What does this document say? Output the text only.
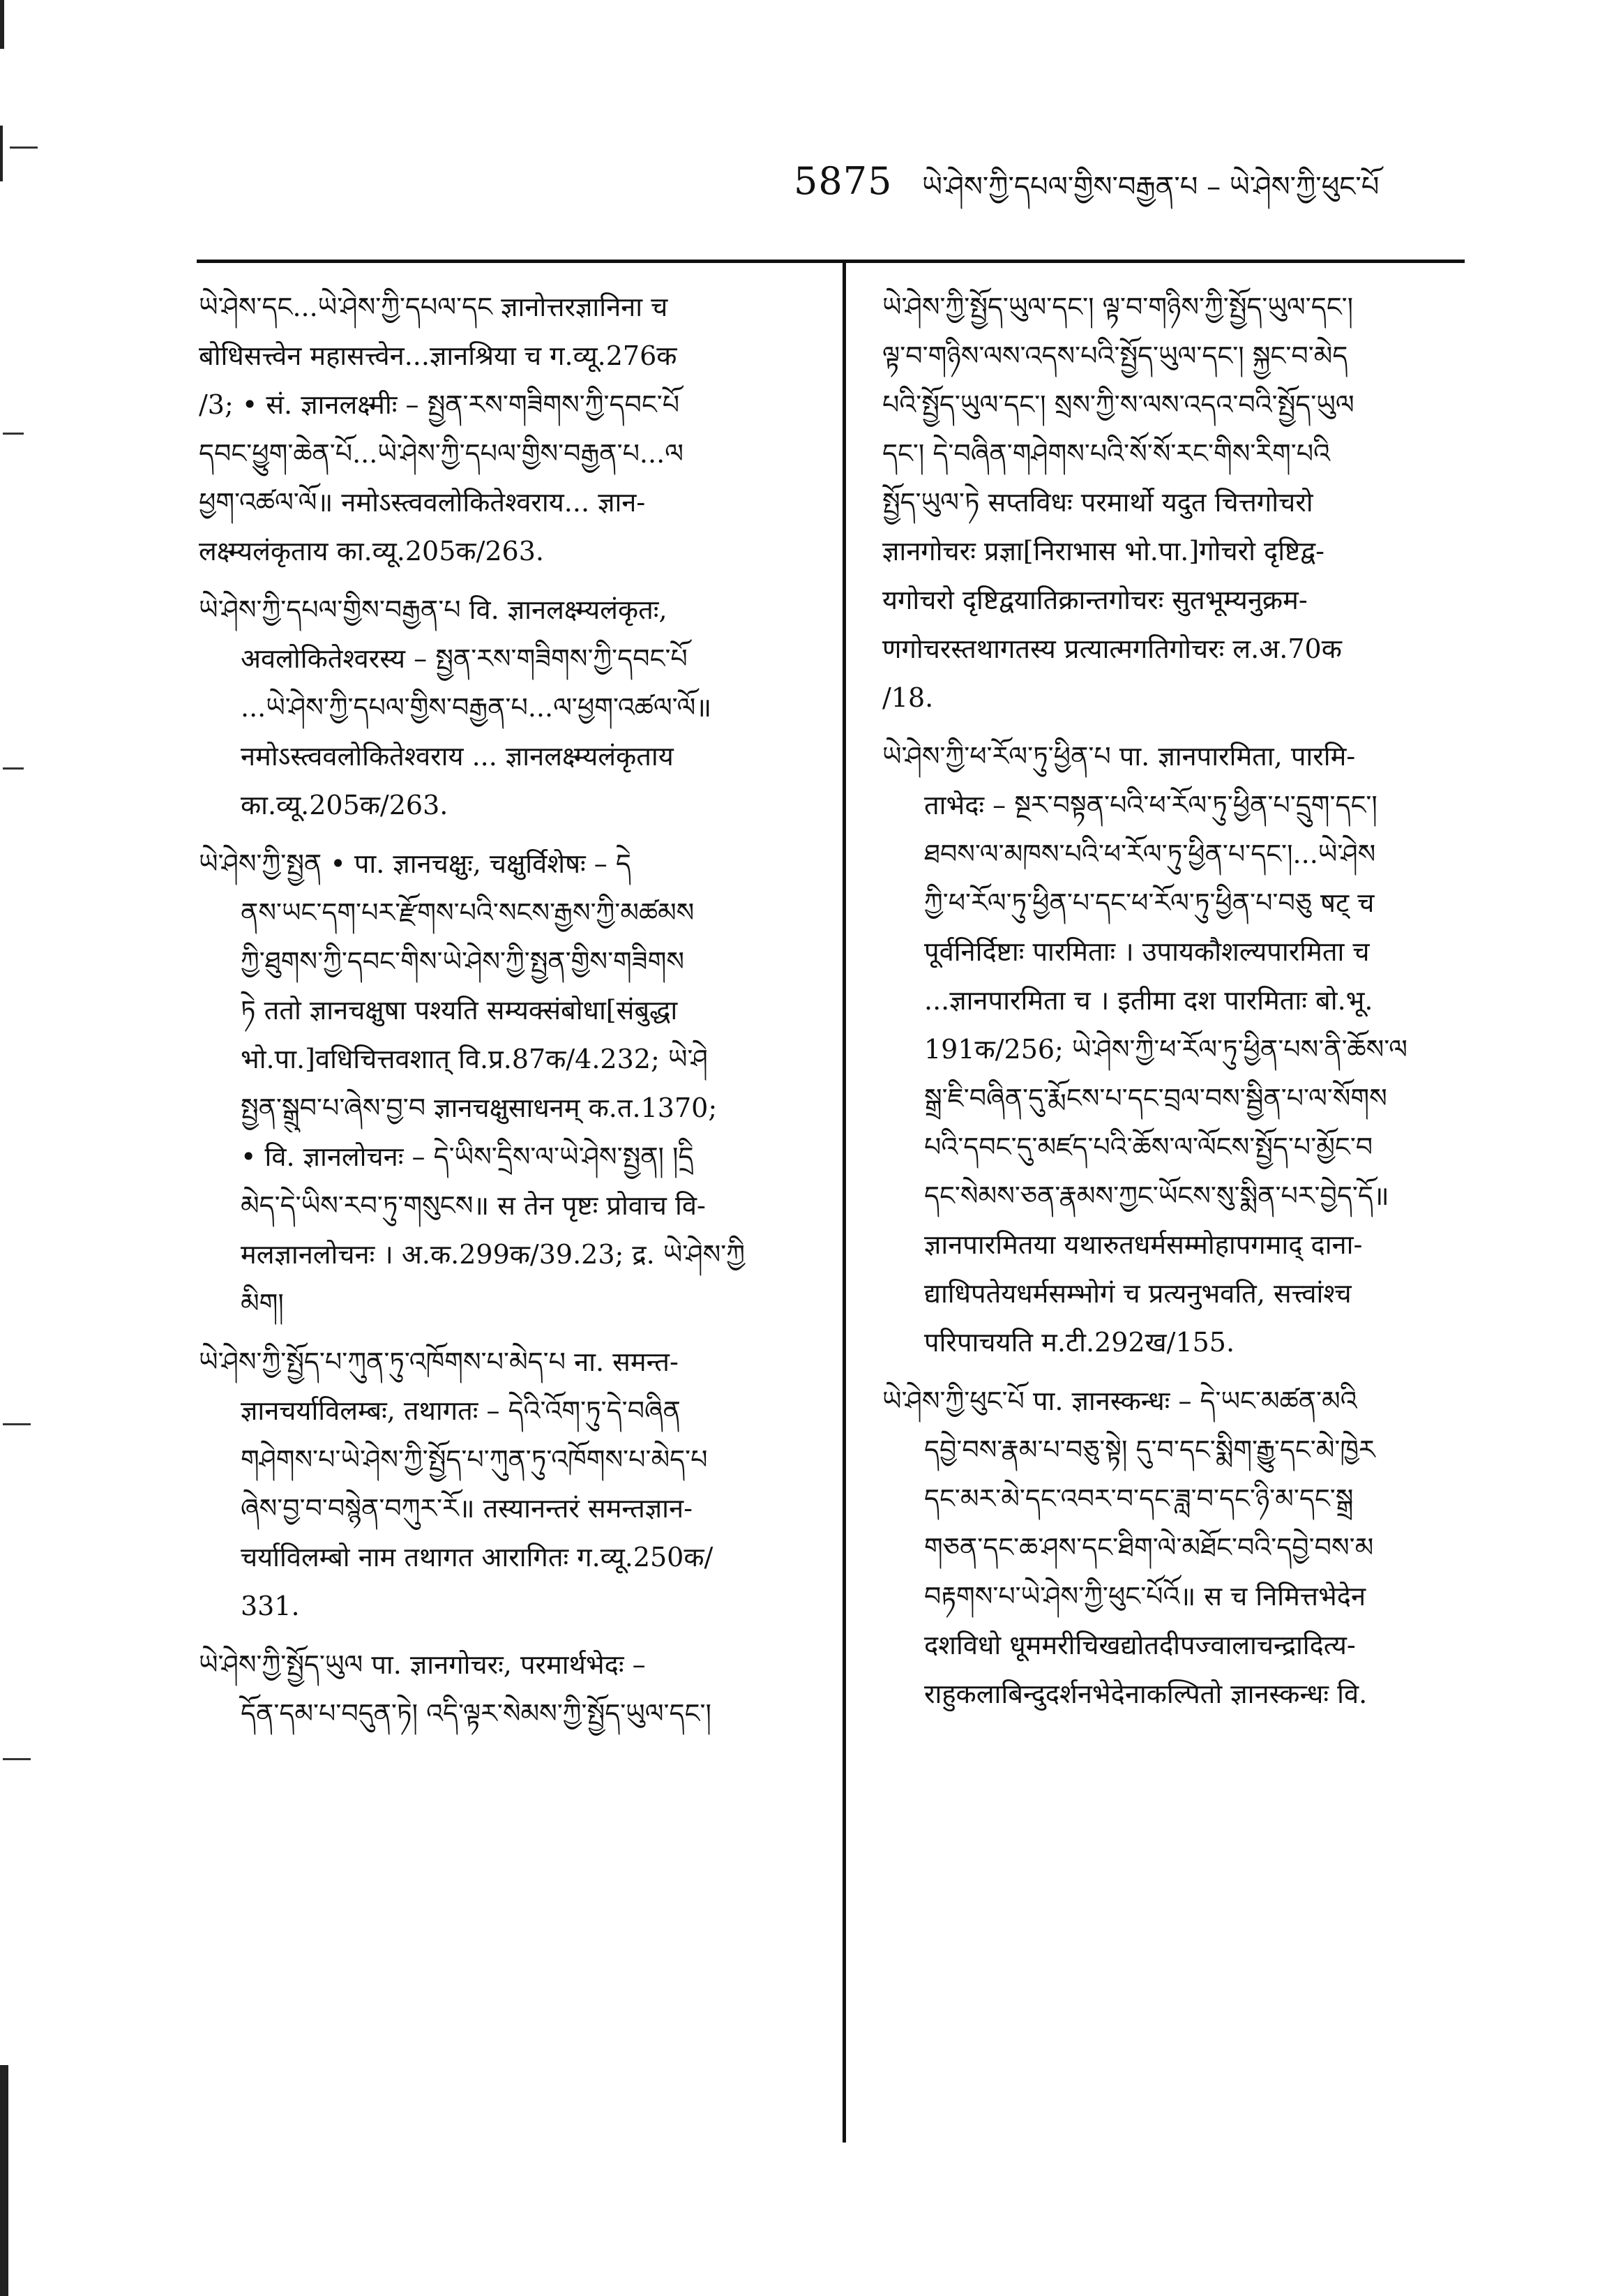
5875 ཡེ་ཤེས་ཀྱི་དཔལ་གྱིས་བརྒྱན་པ – ཡེ་ཤེས་ཀྱི་ཕུང་པོ
ཡེ་ཤེས་དང...ཡེ་ཤེས་ཀྱི་དཔལ་དང ज्ञानोत्तरज्ञानिना च
बोधिसत्त्वेन महासत्त्वेन...ज्ञानश्रिया च ग.व्यू.276क
/3; • सं. ज्ञानलक्ष्मीः – སྤྱན་རས་གཟིགས་ཀྱི་དབང་པོ
དབང་ཕྱུག་ཆེན་པོ...ཡེ་ཤེས་ཀྱི་དཔལ་གྱིས་བརྒྱན་པ...ལ
ཕྱག་འཚལ་ལོ॥ नमोऽस्त्ववलोकितेश्वराय... ज्ञान-
लक्ष्म्यलंकृताय का.व्यू.205क/263.
ཡེ་ཤེས་ཀྱི་དཔལ་གྱིས་བརྒྱན་པ वि. ज्ञानलक्ष्म्यलंकृतः,
अवलोकितेश्वरस्य – སྤྱན་རས་གཟིགས་ཀྱི་དབང་པོ
...ཡེ་ཤེས་ཀྱི་དཔལ་གྱིས་བརྒྱན་པ...ལ་ཕྱག་འཚལ་ལོ॥
नमोऽस्त्ववलोकितेश्वराय ... ज्ञानलक्ष्म्यलंकृताय
का.व्यू.205क/263.
ཡེ་ཤེས་ཀྱི་སྤྱན • पा. ज्ञानचक्षुः, चक्षुर्विशेषः – དེ
ནས་ཡང་དག་པར་རྫོགས་པའི་སངས་རྒྱས་ཀྱི་མཚམས
ཀྱི་ཐུགས་ཀྱི་དབང་གིས་ཡེ་ཤེས་ཀྱི་སྤྱན་གྱིས་གཟིགས
ཏེ ततो ज्ञानचक्षुषा पश्यति सम्यक्संबोधा[संबुद्धा
भो.पा.]वधिचित्तवशात् वि.प्र.87क/4.232; ཡེ་ཤེ
སྤྱན་སྒྲུབ་པ་ཞེས་བྱ་བ ज्ञानचक्षुसाधनम् क.त.1370;
• वि. ज्ञानलोचनः – དེ་ཡིས་དྲིས་ལ་ཡེ་ཤེས་སྤྱན། །དྲི
མེད་དེ་ཡིས་རབ་ཏུ་གསུངས॥ स तेन पृष्टः प्रोवाच वि-
मलज्ञानलोचनः । अ.क.299क/39.23; द्र. ཡེ་ཤེས་ཀྱི
མིག།
ཡེ་ཤེས་ཀྱི་སྤྱོད་པ་ཀུན་ཏུ་འཁོགས་པ་མེད་པ ना. समन्त-
ज्ञानचर्याविलम्बः, तथागतः – དེའི་འོག་ཏུ་དེ་བཞིན
གཤེགས་པ་ཡེ་ཤེས་ཀྱི་སྤྱོད་པ་ཀུན་ཏུ་འཁོགས་པ་མེད་པ
ཞེས་བྱ་བ་བསྙེན་བཀུར་རོ॥ तस्यानन्तरं समन्तज्ञान-
चर्याविलम्बो नाम तथागत आरागितः ग.व्यू.250क/
331.
ཡེ་ཤེས་ཀྱི་སྤྱོད་ཡུལ पा. ज्ञानगोचरः, परमार्थभेदः –
དོན་དམ་པ་བདུན་ཏེ། འདི་ལྟར་སེམས་ཀྱི་སྤྱོད་ཡུལ་དང་།
ཡེ་ཤེས་ཀྱི་སྤྱོད་ཡུལ་དང་། ལྟ་བ་གཉིས་ཀྱི་སྤྱོད་ཡུལ་དང་།
ལྟ་བ་གཉིས་ལས་འདས་པའི་སྤྱོད་ཡུལ་དང་། སྐྱང་བ་མེད
པའི་སྤྱོད་ཡུལ་དང་། སྲས་ཀྱི་ས་ལས་འདའ་བའི་སྤྱོད་ཡུལ
དང་། དེ་བཞིན་གཤེགས་པའི་སོ་སོ་རང་གིས་རིག་པའི
སྤྱོད་ཡུལ་ཏེ सप्तविधः परमार्थो यदुत चित्तगोचरो
ज्ञानगोचरः प्रज्ञा[निराभास भो.पा.]गोचरो दृष्टिद्व-
यगोचरो दृष्टिद्वयातिक्रान्तगोचरः सुतभूम्यनुक्रम-
णगोचरस्तथागतस्य प्रत्यात्मगतिगोचरः ल.अ.70क
/18.
ཡེ་ཤེས་ཀྱི་ཕ་རོལ་ཏུ་ཕྱིན་པ पा. ज्ञानपारमिता, पारमि-
ताभेदः – སྔར་བསྟན་པའི་ཕ་རོལ་ཏུ་ཕྱིན་པ་དྲུག་དང་།
ཐབས་ལ་མཁས་པའི་ཕ་རོལ་ཏུ་ཕྱིན་པ་དང་།...ཡེ་ཤེས
ཀྱི་ཕ་རོལ་ཏུ་ཕྱིན་པ་དང་ཕ་རོལ་ཏུ་ཕྱིན་པ་བཅུ षट् च
पूर्वनिर्दिष्टाः पारमिताः । उपायकौशल्यपारमिता च
...ज्ञानपारमिता च । इतीमा दश पारमिताः बो.भू.
191क/256; ཡེ་ཤེས་ཀྱི་ཕ་རོལ་ཏུ་ཕྱིན་པས་ནི་ཆོས་ལ
སྒྲ་ཇི་བཞིན་དུ་རྨོངས་པ་དང་བྲལ་བས་སྦྱིན་པ་ལ་སོགས
པའི་དབང་དུ་མཛད་པའི་ཆོས་ལ་ལོངས་སྤྱོད་པ་མྱོང་བ
དང་སེམས་ཅན་རྣམས་ཀྱང་ཡོངས་སུ་སྨིན་པར་བྱེད་དོ॥
ज्ञानपारमितया यथारुतधर्मसम्मोहापगमाद् दाना-
द्याधिपतेयधर्मसम्भोगं च प्रत्यनुभवति, सत्त्वांश्च
परिपाचयति म.टी.292ख/155.
ཡེ་ཤེས་ཀྱི་ཕུང་པོ पा. ज्ञानस्कन्धः – དེ་ཡང་མཚན་མའི
དབྱེ་བས་རྣམ་པ་བཅུ་སྟེ། དུ་བ་དང་སྨིག་རྒྱུ་དང་མེ་ཁྱེར
དང་མར་མེ་དང་འབར་བ་དང་ཟླ་བ་དང་ཉི་མ་དང་སྒྲ
གཅན་དང་ཆ་ཤས་དང་ཐིག་ལེ་མཐོང་བའི་དབྱེ་བས་མ
བརྟགས་པ་ཡེ་ཤེས་ཀྱི་ཕུང་པོའོ॥ स च निमित्तभेदेन
दशविधो धूममरीचिखद्योतदीपज्वालाचन्द्रादित्य-
राहुकलाबिन्दुदर्शनभेदेनाकल्पितो ज्ञानस्कन्धः वि.
